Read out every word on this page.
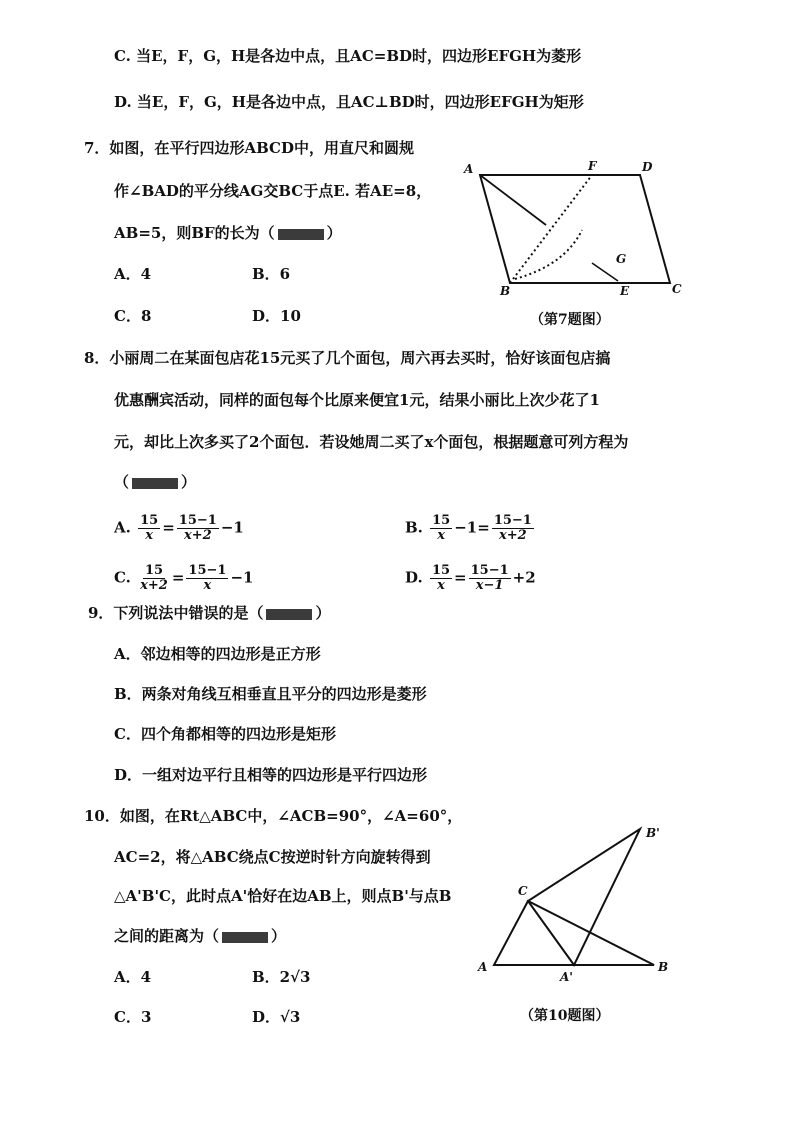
C. 当E，F，G，H是各边中点，且AC=BD时，四边形EFGH为菱形
D. 当E，F，G，H是各边中点，且AC⊥BD时，四边形EFGH为矩形
7．如图，在平行四边形ABCD中，用直尺和圆规
作∠BAD的平分线AG交BC于点E. 若AE=8，
AB=5，则BF的长为（	）
A．4	B．6
C．8	D．10
A	F	D
G
B	E	C
（第7题图）
8．小丽周二在某面包店花15元买了几个面包，周六再去买时，恰好该面包店搞
优惠酬宾活动，同样的面包每个比原来便宜1元，结果小丽比上次少花了1
元，却比上次多买了2个面包．若设她周二买了x个面包，根据题意可列方程为
（	）
A. $\frac{15}{x} = \frac{15-1}{x+2} -1$	B. $\frac{15}{x} -1= \frac{15-1}{x+2}$
C. $\frac{15}{x+2} = \frac{15-1}{x} -1$	D. $\frac{15}{x} = \frac{15-1}{x-1} +2$
9．下列说法中错误的是（	）
A．邻边相等的四边形是正方形
B．两条对角线互相垂直且平分的四边形是菱形
C．四个角都相等的四边形是矩形
D．一组对边平行且相等的四边形是平行四边形
10．如图，在Rt△ABC中，∠ACB=90°，∠A=60°，
AC=2，将△ABC绕点C按逆时针方向旋转得到
△A'B'C，此时点A'恰好在边AB上，则点B'与点B
之间的距离为（	）
A．4	B．2√3
C．3	D．√3
A	B
C
A'
B'
（第10题图）
